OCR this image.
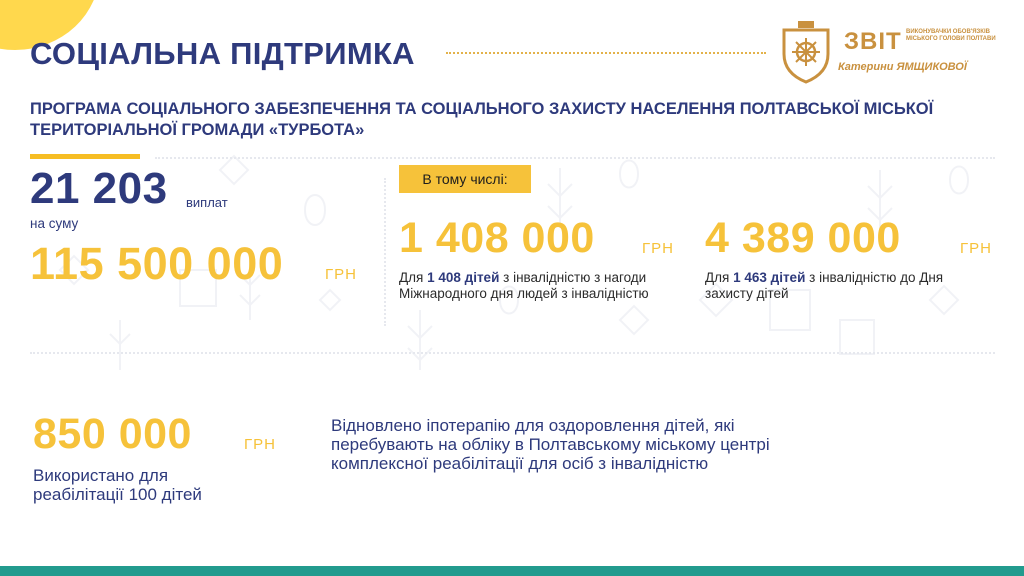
СОЦІАЛЬНА ПІДТРИМКА	ЗВІТ ВИКОНУВАЧКИ ОБОВ'ЯЗКІВ МІСЬКОГО ГОЛОВИ ПОЛТАВИ
Катерини ЯМЩИКОВОЇ
ПРОГРАМА СОЦІАЛЬНОГО ЗАБЕЗПЕЧЕННЯ ТА СОЦІАЛЬНОГО ЗАХИСТУ НАСЕЛЕННЯ ПОЛТАВСЬКОЇ МІСЬКОЇ ТЕРИТОРІАЛЬНОЇ ГРОМАДИ «ТУРБОТА»
21 203 виплат
на суму
115 500 000	ГРН
В тому числі:
1 408 000	ГРН
Для 1 408 дітей з інвалідністю з нагоди Міжнародного дня людей з інвалідністю
4 389 000	ГРН
Для 1 463 дітей з інвалідністю до Дня захисту дітей
850 000	ГРН
Використано для реабілітації 100 дітей
Відновлено іпотерапію для оздоровлення дітей, які перебувають на обліку в Полтавському міському центрі комплексної реабілітації для осіб з інвалідністю
